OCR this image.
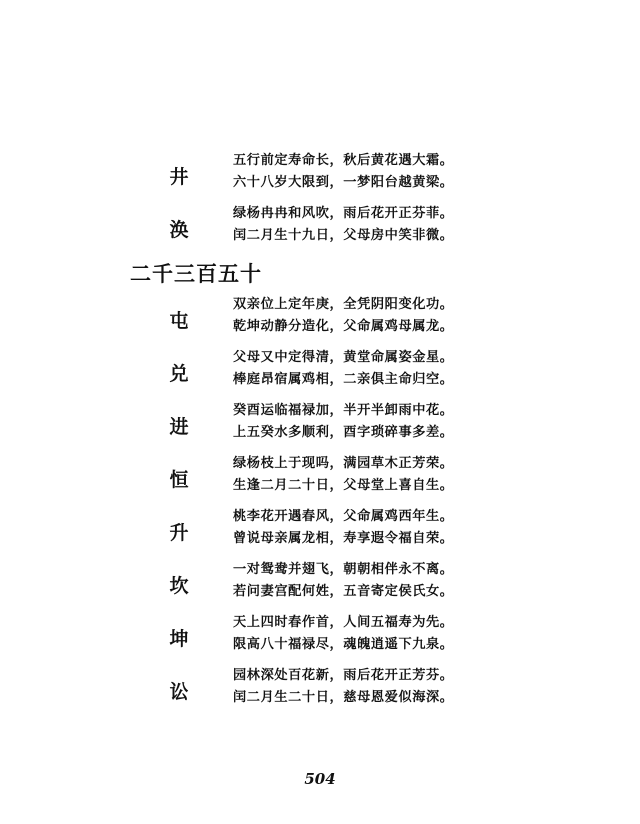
井
五行前定寿命长，秋后黄花遇大霜。
六十八岁大限到，一梦阳台越黄梁。
涣
绿杨冉冉和风吹，雨后花开正芬菲。
闰二月生十九日，父母房中笑非微。
二千三百五十
屯
双亲位上定年庚，全凭阴阳变化功。
乾坤动静分造化，父命属鸡母属龙。
兑
父母又中定得清，黄堂命属姿金星。
棒庭昂宿属鸡相，二亲俱主命归空。
进
癸酉运临福禄加，半开半卸雨中花。
上五癸水多顺利，酉字琐碎事多差。
恒
绿杨枝上于现吗，满园草木正芳荣。
生逢二月二十日，父母堂上喜自生。
升
桃李花开遇春风，父命属鸡西年生。
曾说母亲属龙相，寿享遐令福自荣。
坎
一对鸳鸯并翅飞，朝朝相伴永不离。
若问妻宫配何姓，五音寄定侯氏女。
坤
天上四时春作首，人间五福寿为先。
限高八十福禄尽，魂魄逍遥下九泉。
讼
园林深处百花新，雨后花开正芳芬。
闰二月生二十日，慈母恩爱似海深。
504
